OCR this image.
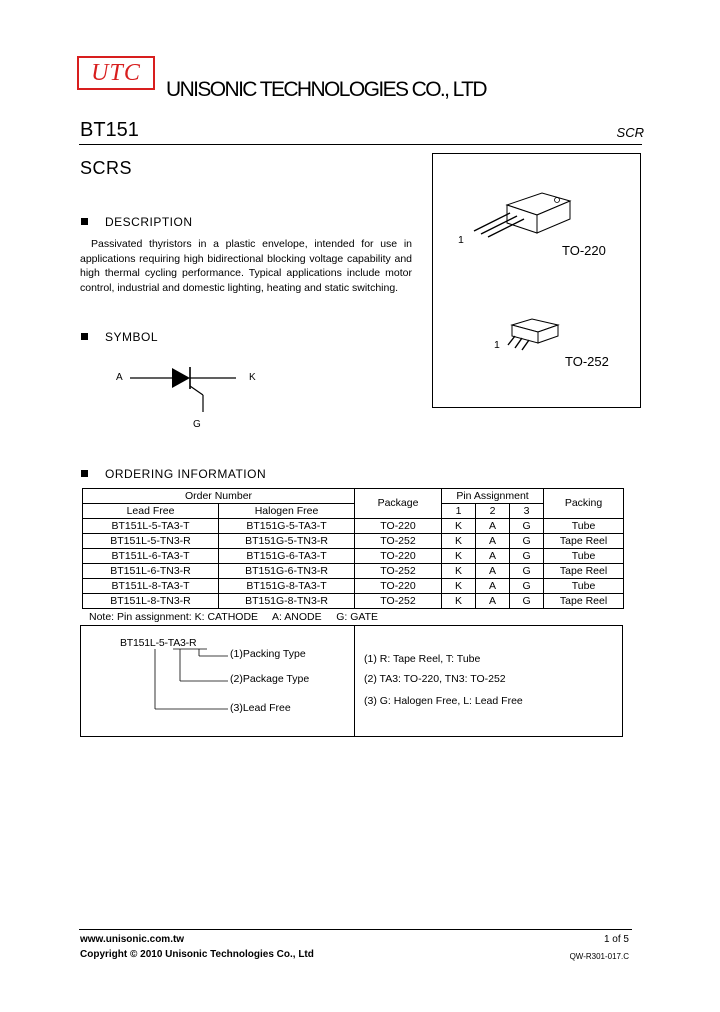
UTC
UNISONIC TECHNOLOGIES CO., LTD
BT151	SCR
SCRS
DESCRIPTION
Passivated thyristors in a plastic envelope, intended for use in applications requiring high bidirectional blocking voltage capability and high thermal cycling performance. Typical applications include motor control, industrial and domestic lighting, heating and static switching.
SYMBOL
A	K
G
1
TO-220
1
TO-252
ORDERING INFORMATION
Order Number		Package	Pin Assignment			Packing
Lead Free	Halogen Free		1	2	3	
BT151L-5-TA3-T	BT151G-5-TA3-T	TO-220	K	A	G	Tube
BT151L-5-TN3-R	BT151G-5-TN3-R	TO-252	K	A	G	Tape Reel
BT151L-6-TA3-T	BT151G-6-TA3-T	TO-220	K	A	G	Tube
BT151L-6-TN3-R	BT151G-6-TN3-R	TO-252	K	A	G	Tape Reel
BT151L-8-TA3-T	BT151G-8-TA3-T	TO-220	K	A	G	Tube
BT151L-8-TN3-R	BT151G-8-TN3-R	TO-252	K	A	G	Tape Reel
Note: Pin assignment: K: CATHODE     A: ANODE     G: GATE
BT151L-5-TA3-R
(1)Packing Type
(2)Package Type
(3)Lead Free
(1) R: Tape Reel, T: Tube
(2) TA3: TO-220, TN3: TO-252
(3) G: Halogen Free, L: Lead Free
www.unisonic.com.tw	1 of 5
Copyright © 2010 Unisonic Technologies Co., Ltd	QW-R301-017.C
